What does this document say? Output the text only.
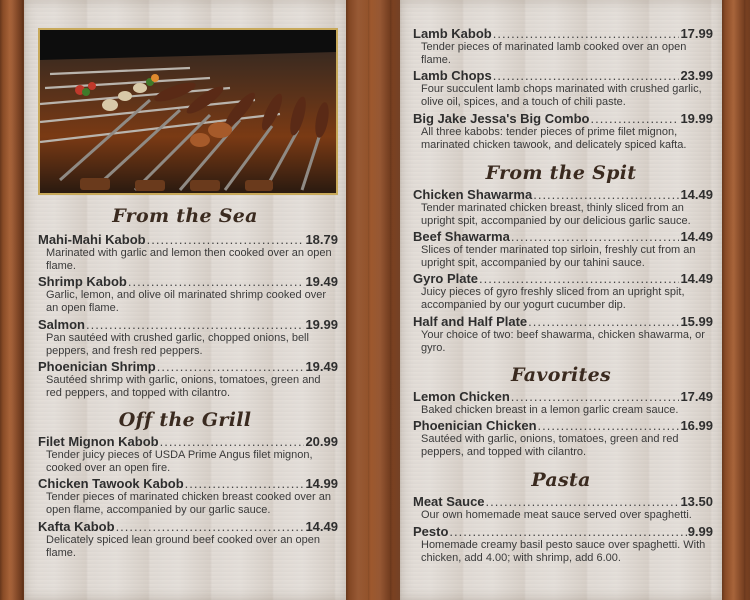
From the Sea
Mahi-Mahi Kabob .....	18.79
Marinated with garlic and lemon then cooked over an open flame.
Shrimp Kabob .....	19.49
Garlic, lemon, and olive oil marinated shrimp cooked over an open flame.
Salmon .....	19.99
Pan sautéed with crushed garlic, chopped onions, bell peppers, and fresh red peppers.
Phoenician Shrimp .....	19.49
Sautéed shrimp with garlic, onions, tomatoes, green and red peppers, and topped with cilantro.
Off the Grill
Filet Mignon Kabob .....	20.99
Tender juicy pieces of USDA Prime Angus filet mignon, cooked over an open fire.
Chicken Tawook Kabob .....	14.99
Tender pieces of marinated chicken breast cooked over an open flame, accompanied by our garlic sauce.
Kafta Kabob .....	14.49
Delicately spiced lean ground beef cooked over an open flame.
Lamb Kabob .....	17.99
Tender pieces of marinated lamb cooked over an open flame.
Lamb Chops .....	23.99
Four succulent lamb chops marinated with crushed garlic, olive oil, spices, and a touch of chili paste.
Big Jake Jessa's Big Combo .....	19.99
All three kabobs: tender pieces of prime filet mignon, marinated chicken tawook, and delicately spiced kafta.
From the Spit
Chicken Shawarma .....	14.49
Tender marinated chicken breast, thinly sliced from an upright spit, accompanied by our delicious garlic sauce.
Beef Shawarma .....	14.49
Slices of tender marinated top sirloin, freshly cut from an upright spit, accompanied by our tahini sauce.
Gyro Plate .....	14.49
Juicy pieces of gyro freshly sliced from an upright spit, accompanied by our yogurt cucumber dip.
Half and Half Plate .....	15.99
Your choice of two: beef shawarma, chicken shawarma, or gyro.
Favorites
Lemon Chicken .....	17.49
Baked chicken breast in a lemon garlic cream sauce.
Phoenician Chicken .....	16.99
Sautéed with garlic, onions, tomatoes, green and red peppers, and topped with cilantro.
Pasta
Meat Sauce .....	13.50
Our own homemade meat sauce served over spaghetti.
Pesto .....	9.99
Homemade creamy basil pesto sauce over spaghetti. With chicken, add 4.00; with shrimp, add 6.00.
